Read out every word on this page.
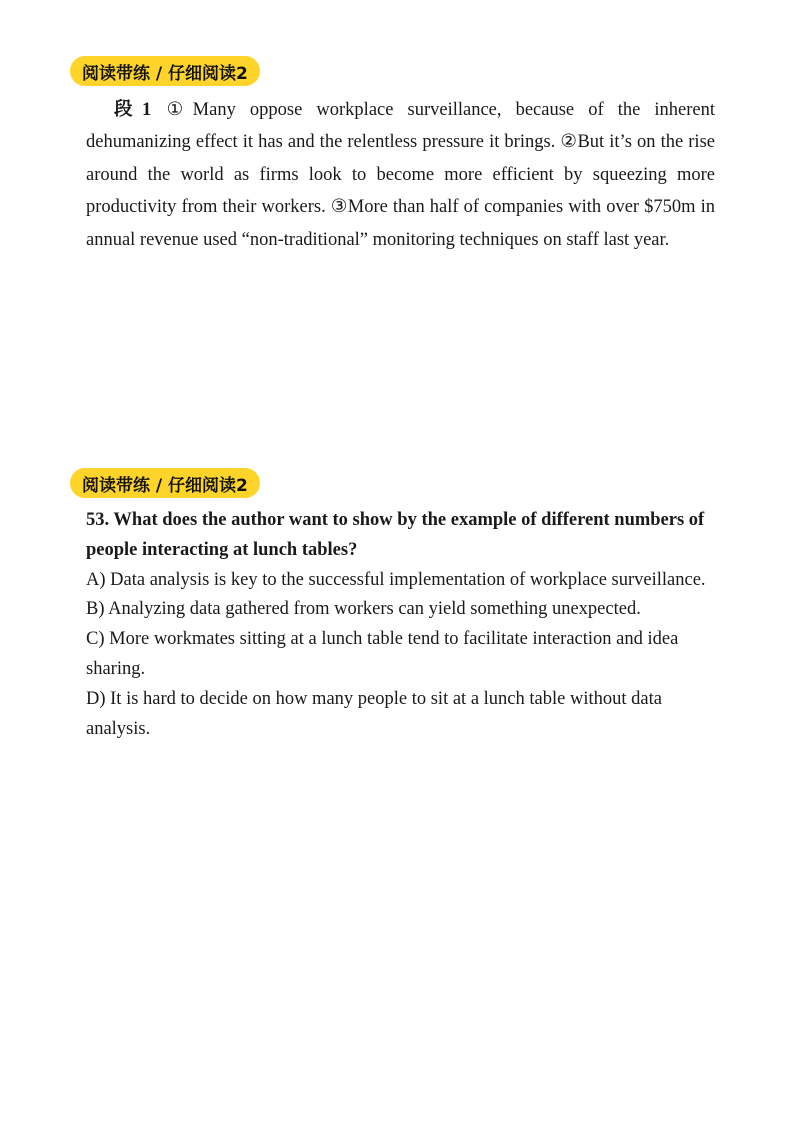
阅读带练 / 仔细阅读2
段1 ①Many oppose workplace surveillance, because of the inherent dehumanizing effect it has and the relentless pressure it brings. ②But it’s on the rise around the world as firms look to become more efficient by squeezing more productivity from their workers. ③More than half of companies with over $750m in annual revenue used “non-traditional” monitoring techniques on staff last year.
阅读带练 / 仔细阅读2

53. What does the author want to show by the example of different numbers of people interacting at lunch tables?

A) Data analysis is key to the successful implementation of workplace surveillance.

B) Analyzing data gathered from workers can yield something unexpected.

C) More workmates sitting at a lunch table tend to facilitate interaction and idea sharing.

D) It is hard to decide on how many people to sit at a lunch table without data analysis.
